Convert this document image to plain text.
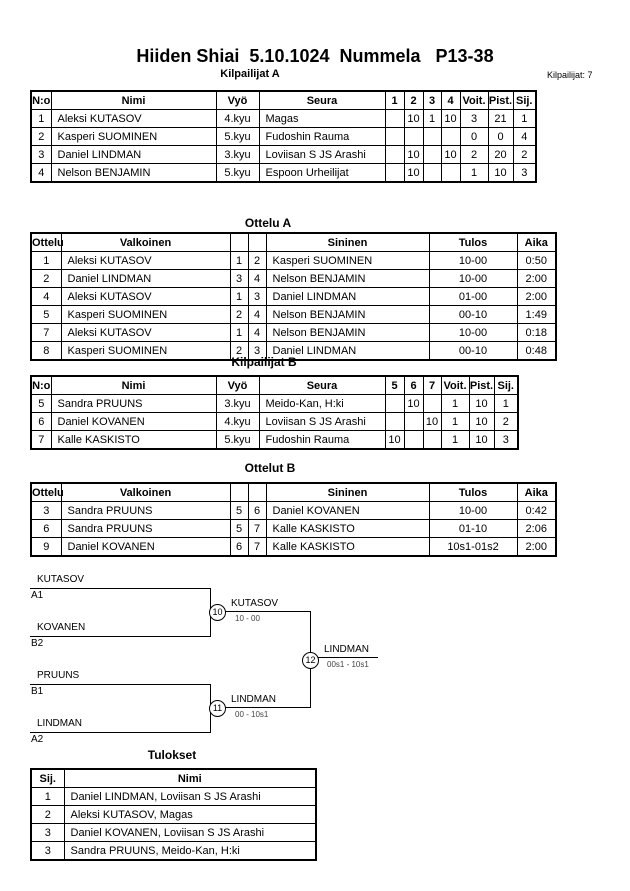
Hiiden Shiai  5.10.1024  Nummela   P13-38
Kilpailijat A	Kilpailijat: 7
N:o	Nimi	Vyö	Seura	1	2	3	4	Voit.	Pist.	Sij.
1	Aleksi KUTASOV	4.kyu	Magas		10	1	10	3	21	1
2	Kasperi SUOMINEN	5.kyu	Fudoshin Rauma					0	0	4
3	Daniel LINDMAN	3.kyu	Loviisan S JS Arashi		10		10	2	20	2
4	Nelson BENJAMIN	5.kyu	Espoon Urheilijat		10			1	10	3
Ottelu A
Ottelu	Valkoinen			Sininen	Tulos	Aika
1	Aleksi KUTASOV	1	2	Kasperi SUOMINEN	10-00	0:50
2	Daniel LINDMAN	3	4	Nelson BENJAMIN	10-00	2:00
4	Aleksi KUTASOV	1	3	Daniel LINDMAN	01-00	2:00
5	Kasperi SUOMINEN	2	4	Nelson BENJAMIN	00-10	1:49
7	Aleksi KUTASOV	1	4	Nelson BENJAMIN	10-00	0:18
8	Kasperi SUOMINEN	2	3	Daniel LINDMAN	00-10	0:48
Kilpailijat B
N:o	Nimi	Vyö	Seura	5	6	7	Voit.	Pist.	Sij.
5	Sandra PRUUNS	3.kyu	Meido-Kan, H:ki		10		1	10	1
6	Daniel KOVANEN	4.kyu	Loviisan S JS Arashi			10	1	10	2
7	Kalle KASKISTO	5.kyu	Fudoshin Rauma	10			1	10	3
Ottelut B
Ottelu	Valkoinen			Sininen	Tulos	Aika
3	Sandra PRUUNS	5	6	Daniel KOVANEN	10-00	0:42
6	Sandra PRUUNS	5	7	Kalle KASKISTO	01-10	2:06
9	Daniel KOVANEN	6	7	Kalle KASKISTO	10s1-01s2	2:00
KUTASOV
A1
KOVANEN
B2
PRUUNS
B1
LINDMAN
A2
10
KUTASOV
10 - 00
11
LINDMAN
00 - 10s1
12
LINDMAN
00s1 - 10s1
Tulokset
Sij.	Nimi
1	Daniel LINDMAN, Loviisan S JS Arashi
2	Aleksi KUTASOV, Magas
3	Daniel KOVANEN, Loviisan S JS Arashi
3	Sandra PRUUNS, Meido-Kan, H:ki
